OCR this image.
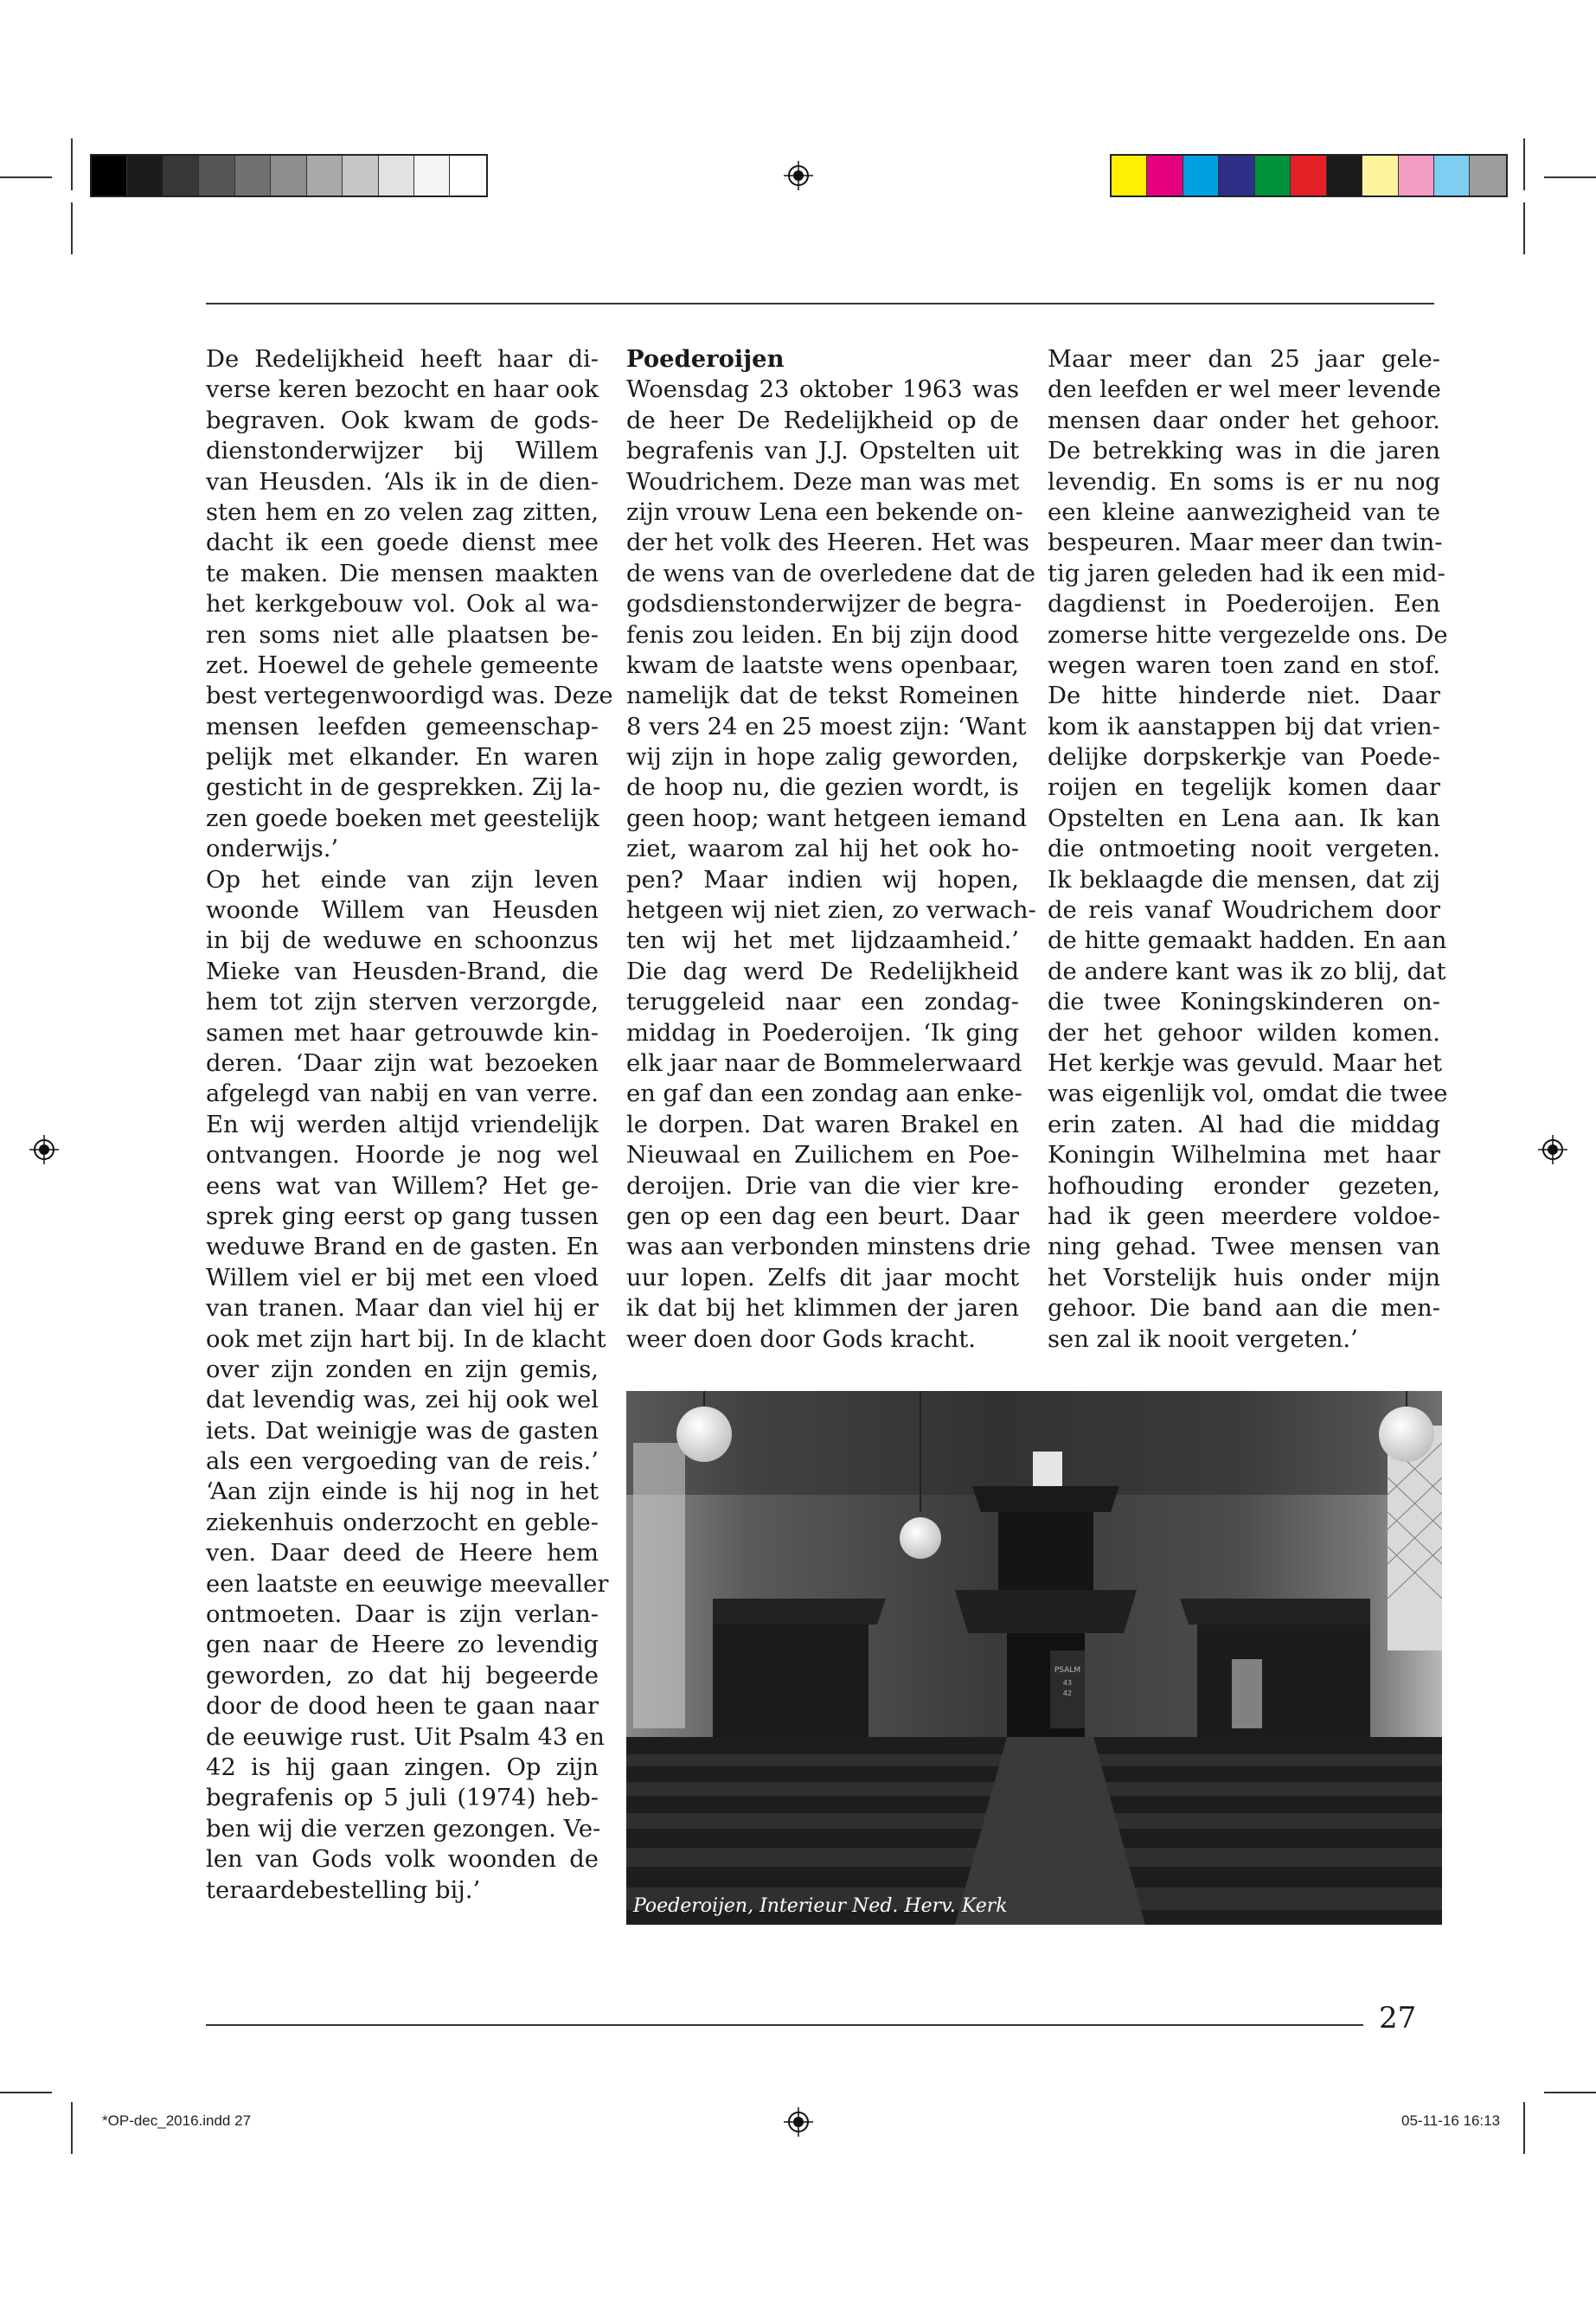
De Redelijkheid heeft haar di-
verse keren bezocht en haar ook
begraven. Ook kwam de gods-
dienstonderwijzer bij Willem
van Heusden. ‘Als ik in de dien-
sten hem en zo velen zag zitten,
dacht ik een goede dienst mee
te maken. Die mensen maakten
het kerkgebouw vol. Ook al wa-
ren soms niet alle plaatsen be-
zet. Hoewel de gehele gemeente
best vertegenwoordigd was. Deze
mensen leefden gemeenschap-
pelijk met elkander. En waren
gesticht in de gesprekken. Zij la-
zen goede boeken met geestelijk
onderwijs.’
Op het einde van zijn leven
woonde Willem van Heusden
in bij de weduwe en schoonzus
Mieke van Heusden-Brand, die
hem tot zijn sterven verzorgde,
samen met haar getrouwde kin-
deren. ‘Daar zijn wat bezoeken
afgelegd van nabij en van verre.
En wij werden altijd vriendelijk
ontvangen. Hoorde je nog wel
eens wat van Willem? Het ge-
sprek ging eerst op gang tussen
weduwe Brand en de gasten. En
Willem viel er bij met een vloed
van tranen. Maar dan viel hij er
ook met zijn hart bij. In de klacht
over zijn zonden en zijn gemis,
dat levendig was, zei hij ook wel
iets. Dat weinigje was de gasten
als een vergoeding van de reis.’
‘Aan zijn einde is hij nog in het
ziekenhuis onderzocht en geble-
ven. Daar deed de Heere hem
een laatste en eeuwige meevaller
ontmoeten. Daar is zijn verlan-
gen naar de Heere zo levendig
geworden, zo dat hij begeerde
door de dood heen te gaan naar
de eeuwige rust. Uit Psalm 43 en
42 is hij gaan zingen. Op zijn
begrafenis op 5 juli (1974) heb-
ben wij die verzen gezongen. Ve-
len van Gods volk woonden de
teraardebestelling bij.’
Poederoijen
Woensdag 23 oktober 1963 was
de heer De Redelijkheid op de
begrafenis van J.J. Opstelten uit
Woudrichem. Deze man was met
zijn vrouw Lena een bekende on-
der het volk des Heeren. Het was
de wens van de overledene dat de
godsdienstonderwijzer de begra-
fenis zou leiden. En bij zijn dood
kwam de laatste wens openbaar,
namelijk dat de tekst Romeinen
8 vers 24 en 25 moest zijn: ‘Want
wij zijn in hope zalig geworden,
de hoop nu, die gezien wordt, is
geen hoop; want hetgeen iemand
ziet, waarom zal hij het ook ho-
pen? Maar indien wij hopen,
hetgeen wij niet zien, zo verwach-
ten wij het met lijdzaamheid.’
Die dag werd De Redelijkheid
teruggeleid naar een zondag-
middag in Poederoijen. ‘Ik ging
elk jaar naar de Bommelerwaard
en gaf dan een zondag aan enke-
le dorpen. Dat waren Brakel en
Nieuwaal en Zuilichem en Poe-
deroijen. Drie van die vier kre-
gen op een dag een beurt. Daar
was aan verbonden minstens drie
uur lopen. Zelfs dit jaar mocht
ik dat bij het klimmen der jaren
weer doen door Gods kracht.
Maar meer dan 25 jaar gele-
den leefden er wel meer levende
mensen daar onder het gehoor.
De betrekking was in die jaren
levendig. En soms is er nu nog
een kleine aanwezigheid van te
bespeuren. Maar meer dan twin-
tig jaren geleden had ik een mid-
dagdienst in Poederoijen. Een
zomerse hitte vergezelde ons. De
wegen waren toen zand en stof.
De hitte hinderde niet. Daar
kom ik aanstappen bij dat vrien-
delijke dorpskerkje van Poede-
roijen en tegelijk komen daar
Opstelten en Lena aan. Ik kan
die ontmoeting nooit vergeten.
Ik beklaagde die mensen, dat zij
de reis vanaf Woudrichem door
de hitte gemaakt hadden. En aan
de andere kant was ik zo blij, dat
die twee Koningskinderen on-
der het gehoor wilden komen.
Het kerkje was gevuld. Maar het
was eigenlijk vol, omdat die twee
erin zaten. Al had die middag
Koningin Wilhelmina met haar
hofhouding eronder gezeten,
had ik geen meerdere voldoe-
ning gehad. Twee mensen van
het Vorstelijk huis onder mijn
gehoor. Die band aan die men-
sen zal ik nooit vergeten.’
PSALM
43
42
Poederoijen, Interieur Ned. Herv. Kerk
27
*OP-dec_2016.indd 27	05-11-16 16:13
